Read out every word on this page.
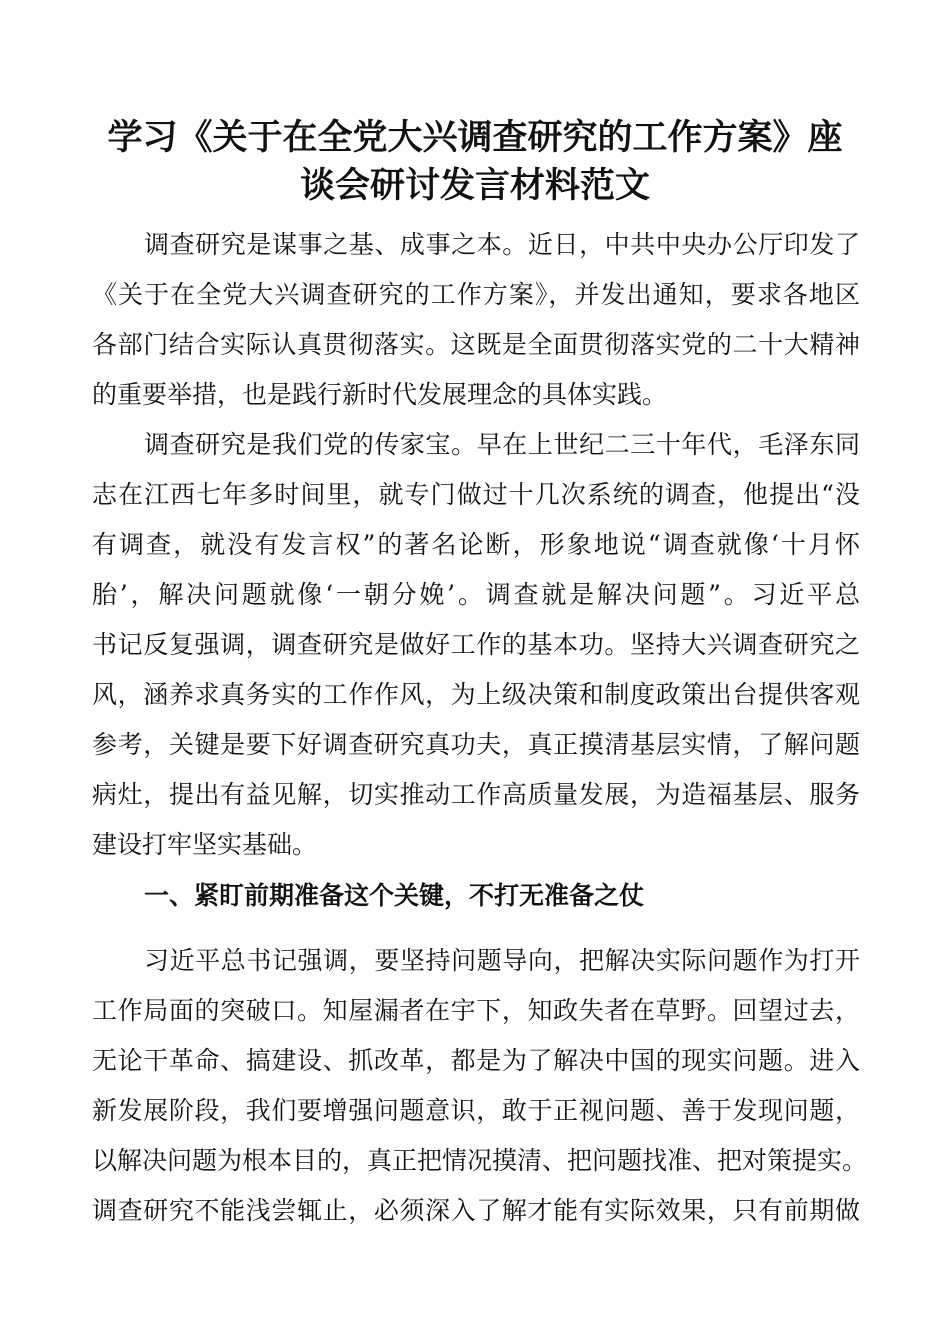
学习《关于在全党大兴调查研究的工作方案》座
谈会研讨发言材料范文
调查研究是谋事之基、成事之本。近日，中共中央办公厅印发了
《关于在全党大兴调查研究的工作方案》，并发出通知，要求各地区
各部门结合实际认真贯彻落实。这既是全面贯彻落实党的二十大精神
的重要举措，也是践行新时代发展理念的具体实践。
调查研究是我们党的传家宝。早在上世纪二三十年代，毛泽东同
志在江西七年多时间里，就专门做过十几次系统的调查，他提出“没
有调查，就没有发言权”的著名论断，形象地说“调查就像‘十月怀
胎’，解决问题就像‘一朝分娩’。调查就是解决问题”。习近平总
书记反复强调，调查研究是做好工作的基本功。坚持大兴调查研究之
风，涵养求真务实的工作作风，为上级决策和制度政策出台提供客观
参考，关键是要下好调查研究真功夫，真正摸清基层实情，了解问题
病灶，提出有益见解，切实推动工作高质量发展，为造福基层、服务
建设打牢坚实基础。
一、紧盯前期准备这个关键，不打无准备之仗
习近平总书记强调，要坚持问题导向，把解决实际问题作为打开
工作局面的突破口。知屋漏者在宇下，知政失者在草野。回望过去，
无论干革命、搞建设、抓改革，都是为了解决中国的现实问题。进入
新发展阶段，我们要增强问题意识，敢于正视问题、善于发现问题，
以解决问题为根本目的，真正把情况摸清、把问题找准、把对策提实。
调查研究不能浅尝辄止，必须深入了解才能有实际效果，只有前期做
